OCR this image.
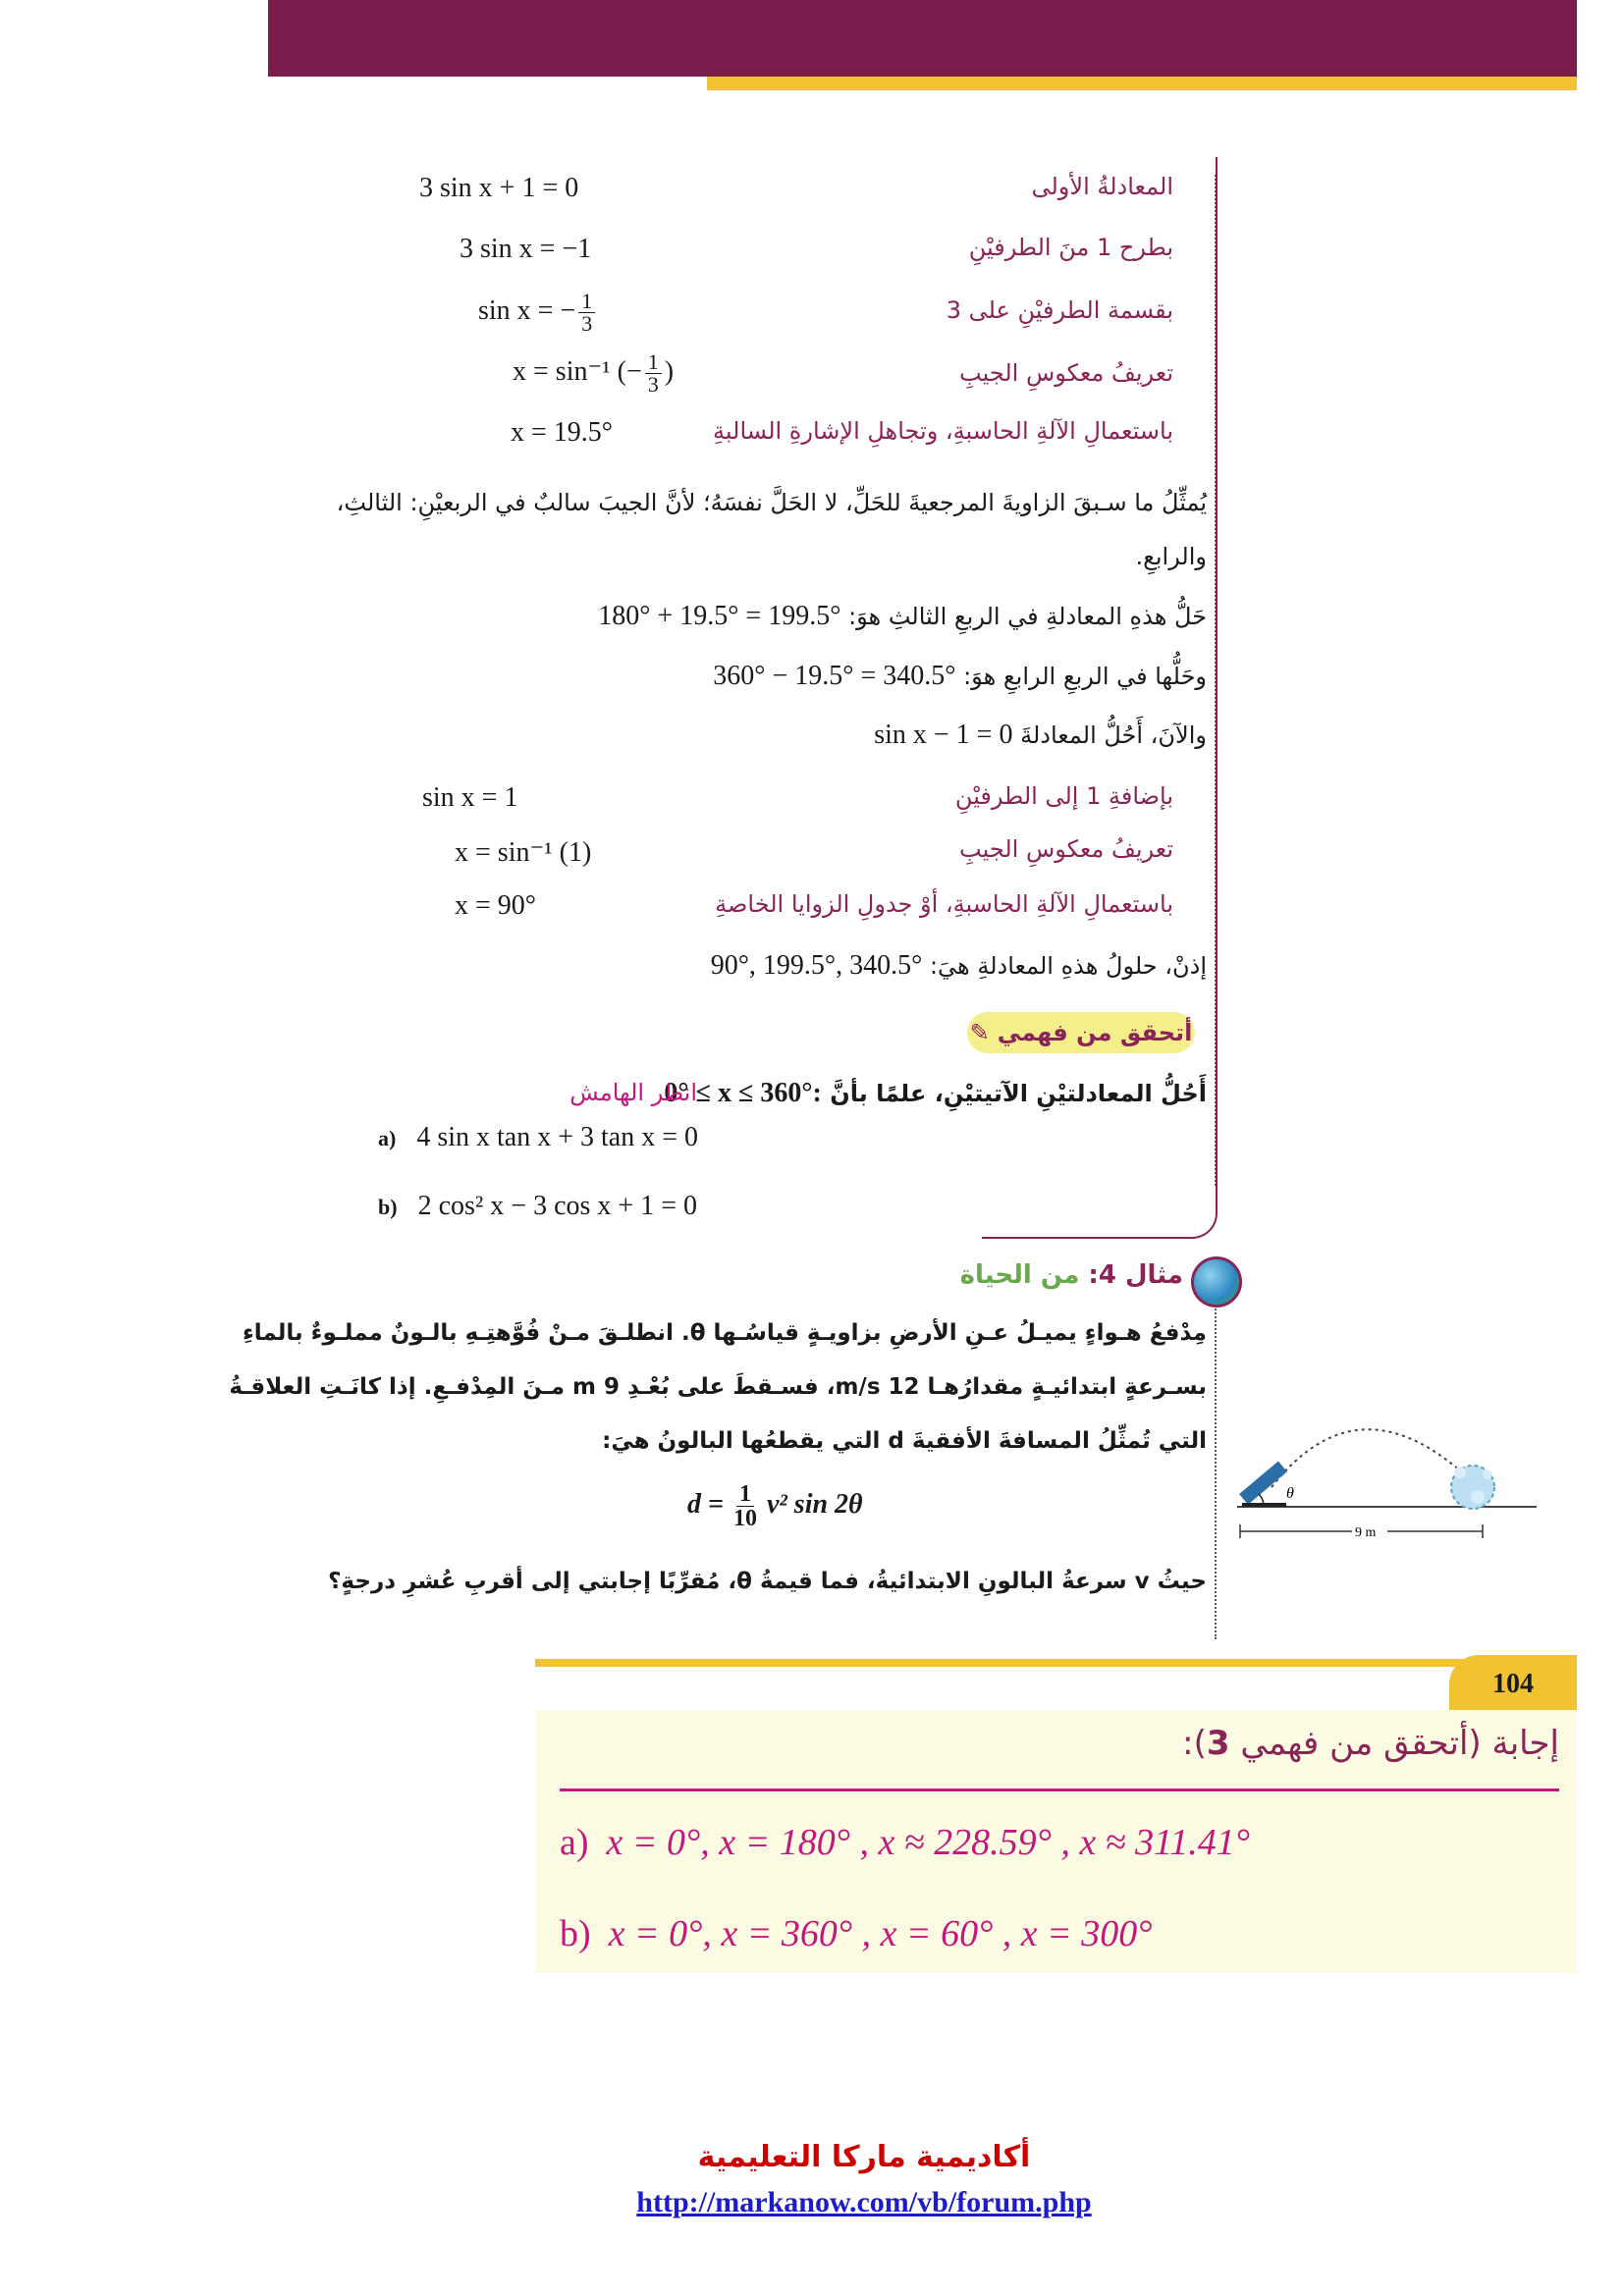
3 sin x + 1 = 0	المعادلةُ الأولى
3 sin x = −1	بطرح 1 منَ الطرفيْنِ
sin x = − $\frac{1}{3}$	بقسمة الطرفيْنِ على 3
x = sin⁻¹ (− $\frac{1}{3}$ )	تعريفُ معكوسِ الجيبِ
x = 19.5°	باستعمالِ الآلةِ الحاسبةِ، وتجاهلِ الإشارةِ السالبةِ
يُمثِّلُ ما سـبقَ الزاويةَ المرجعيةَ للحَلِّ، لا الحَلَّ نفسَهُ؛ لأنَّ الجيبَ سالبٌ في الربعيْنِ: الثالثِ،
والرابعِ.
حَلُّ هذهِ المعادلةِ في الربعِ الثالثِ هوَ: 180° + 19.5° = 199.5°
وحَلُّها في الربعِ الرابعِ هوَ: 360° − 19.5° = 340.5°
والآنَ، أَحُلُّ المعادلةَ sin x − 1 = 0
sin x = 1	بإضافةِ 1 إلى الطرفيْنِ
x = sin⁻¹ (1)	تعريفُ معكوسِ الجيبِ
x = 90°	باستعمالِ الآلةِ الحاسبةِ، أوْ جدولِ الزوايا الخاصةِ
إذنْ، حلولُ هذهِ المعادلةِ هيَ: 90°, 199.5°, 340.5°
أتحقق من فهمي
✎
أَحُلُّ المعادلتيْنِ الآتيتيْنِ، علمًا بأنَّ 0° ≤ x ≤ 360°:
انظر الهامش
a) 4 sin x tan x + 3 tan x = 0
b) 2 cos² x − 3 cos x + 1 = 0
مثال 4: من الحياة
مِدْفعُ هـواءٍ يميـلُ عـنِ الأرضِ بزاويـةٍ قياسُـها θ. انطلـقَ مـنْ فُوَّهتِـهِ بالـونٌ مملـوءٌ بالماءِ
بسـرعةٍ ابتدائيـةٍ مقدارُهـا 12 m/s، فسـقطَ على بُعْـدِ 9 m مـنَ المِدْفـعِ. إذا كانَـتِ العلاقـةُ
التي تُمثِّلُ المسافةَ الأفقيةَ d التي يقطعُها البالونُ هيَ:
$d = \frac{1}{10} v^2$ sin 2θ
حيثُ v سرعةُ البالونِ الابتدائيةُ، فما قيمةُ θ، مُقرِّبًا إجابتي إلى أقربِ عُشرِ درجةٍ؟
θ
9 m
104
إجابة (أتحقق من فهمي 3):
a) x = 0°, x = 180° , x ≈ 228.59° , x ≈ 311.41°
b) x = 0°, x = 360° , x = 60° , x = 300°
أكاديمية ماركا التعليمية
http://markanow.com/vb/forum.php
